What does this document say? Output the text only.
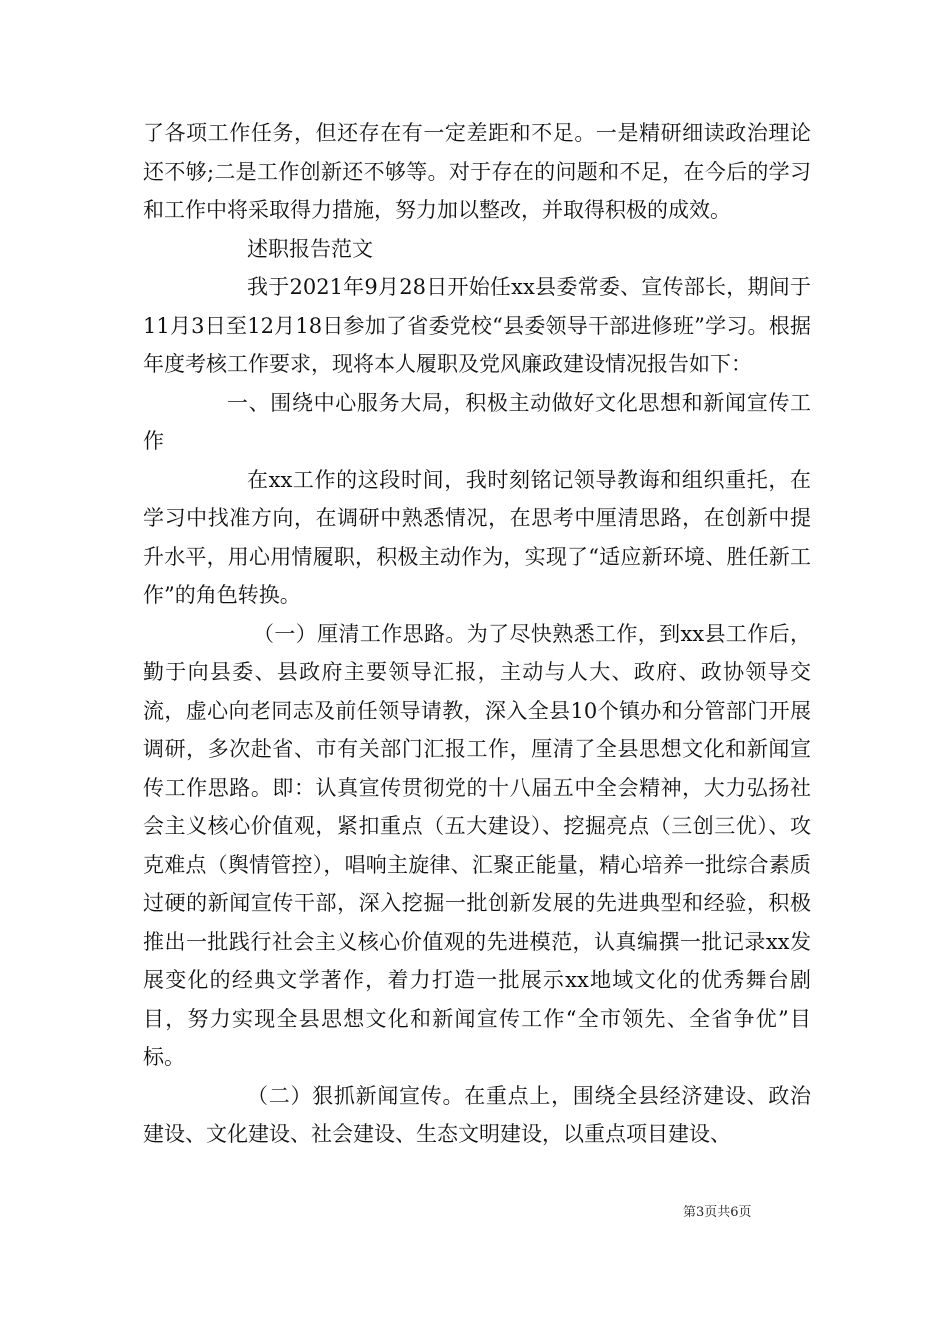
了各项工作任务，但还存在有一定差距和不足。一是精研细读政治理论还不够;二是工作创新还不够等。对于存在的问题和不足，在今后的学习和工作中将采取得力措施，努力加以整改，并取得积极的成效。

述职报告范文

我于2021年9月28日开始任xx县委常委、宣传部长，期间于11月3日至12月18日参加了省委党校“县委领导干部进修班”学习。根据年度考核工作要求，现将本人履职及党风廉政建设情况报告如下：

一、围绕中心服务大局，积极主动做好文化思想和新闻宣传工作

在xx工作的这段时间，我时刻铭记领导教诲和组织重托，在学习中找准方向，在调研中熟悉情况，在思考中厘清思路，在创新中提升水平，用心用情履职，积极主动作为，实现了“适应新环境、胜任新工作”的角色转换。

（一）厘清工作思路。为了尽快熟悉工作，到xx县工作后，勤于向县委、县政府主要领导汇报，主动与人大、政府、政协领导交流，虚心向老同志及前任领导请教，深入全县10个镇办和分管部门开展调研，多次赴省、市有关部门汇报工作，厘清了全县思想文化和新闻宣传工作思路。即：认真宣传贯彻党的十八届五中全会精神，大力弘扬社会主义核心价值观，紧扣重点（五大建设）、挖掘亮点（三创三优）、攻克难点（舆情管控），唱响主旋律、汇聚正能量，精心培养一批综合素质过硬的新闻宣传干部，深入挖掘一批创新发展的先进典型和经验，积极推出一批践行社会主义核心价值观的先进模范，认真编撰一批记录xx发展变化的经典文学著作，着力打造一批展示xx地域文化的优秀舞台剧目，努力实现全县思想文化和新闻宣传工作“全市领先、全省争优”目标。

（二）狠抓新闻宣传。在重点上，围绕全县经济建设、政治建设、文化建设、社会建设、生态文明建设，以重点项目建设、

第3页共6页
